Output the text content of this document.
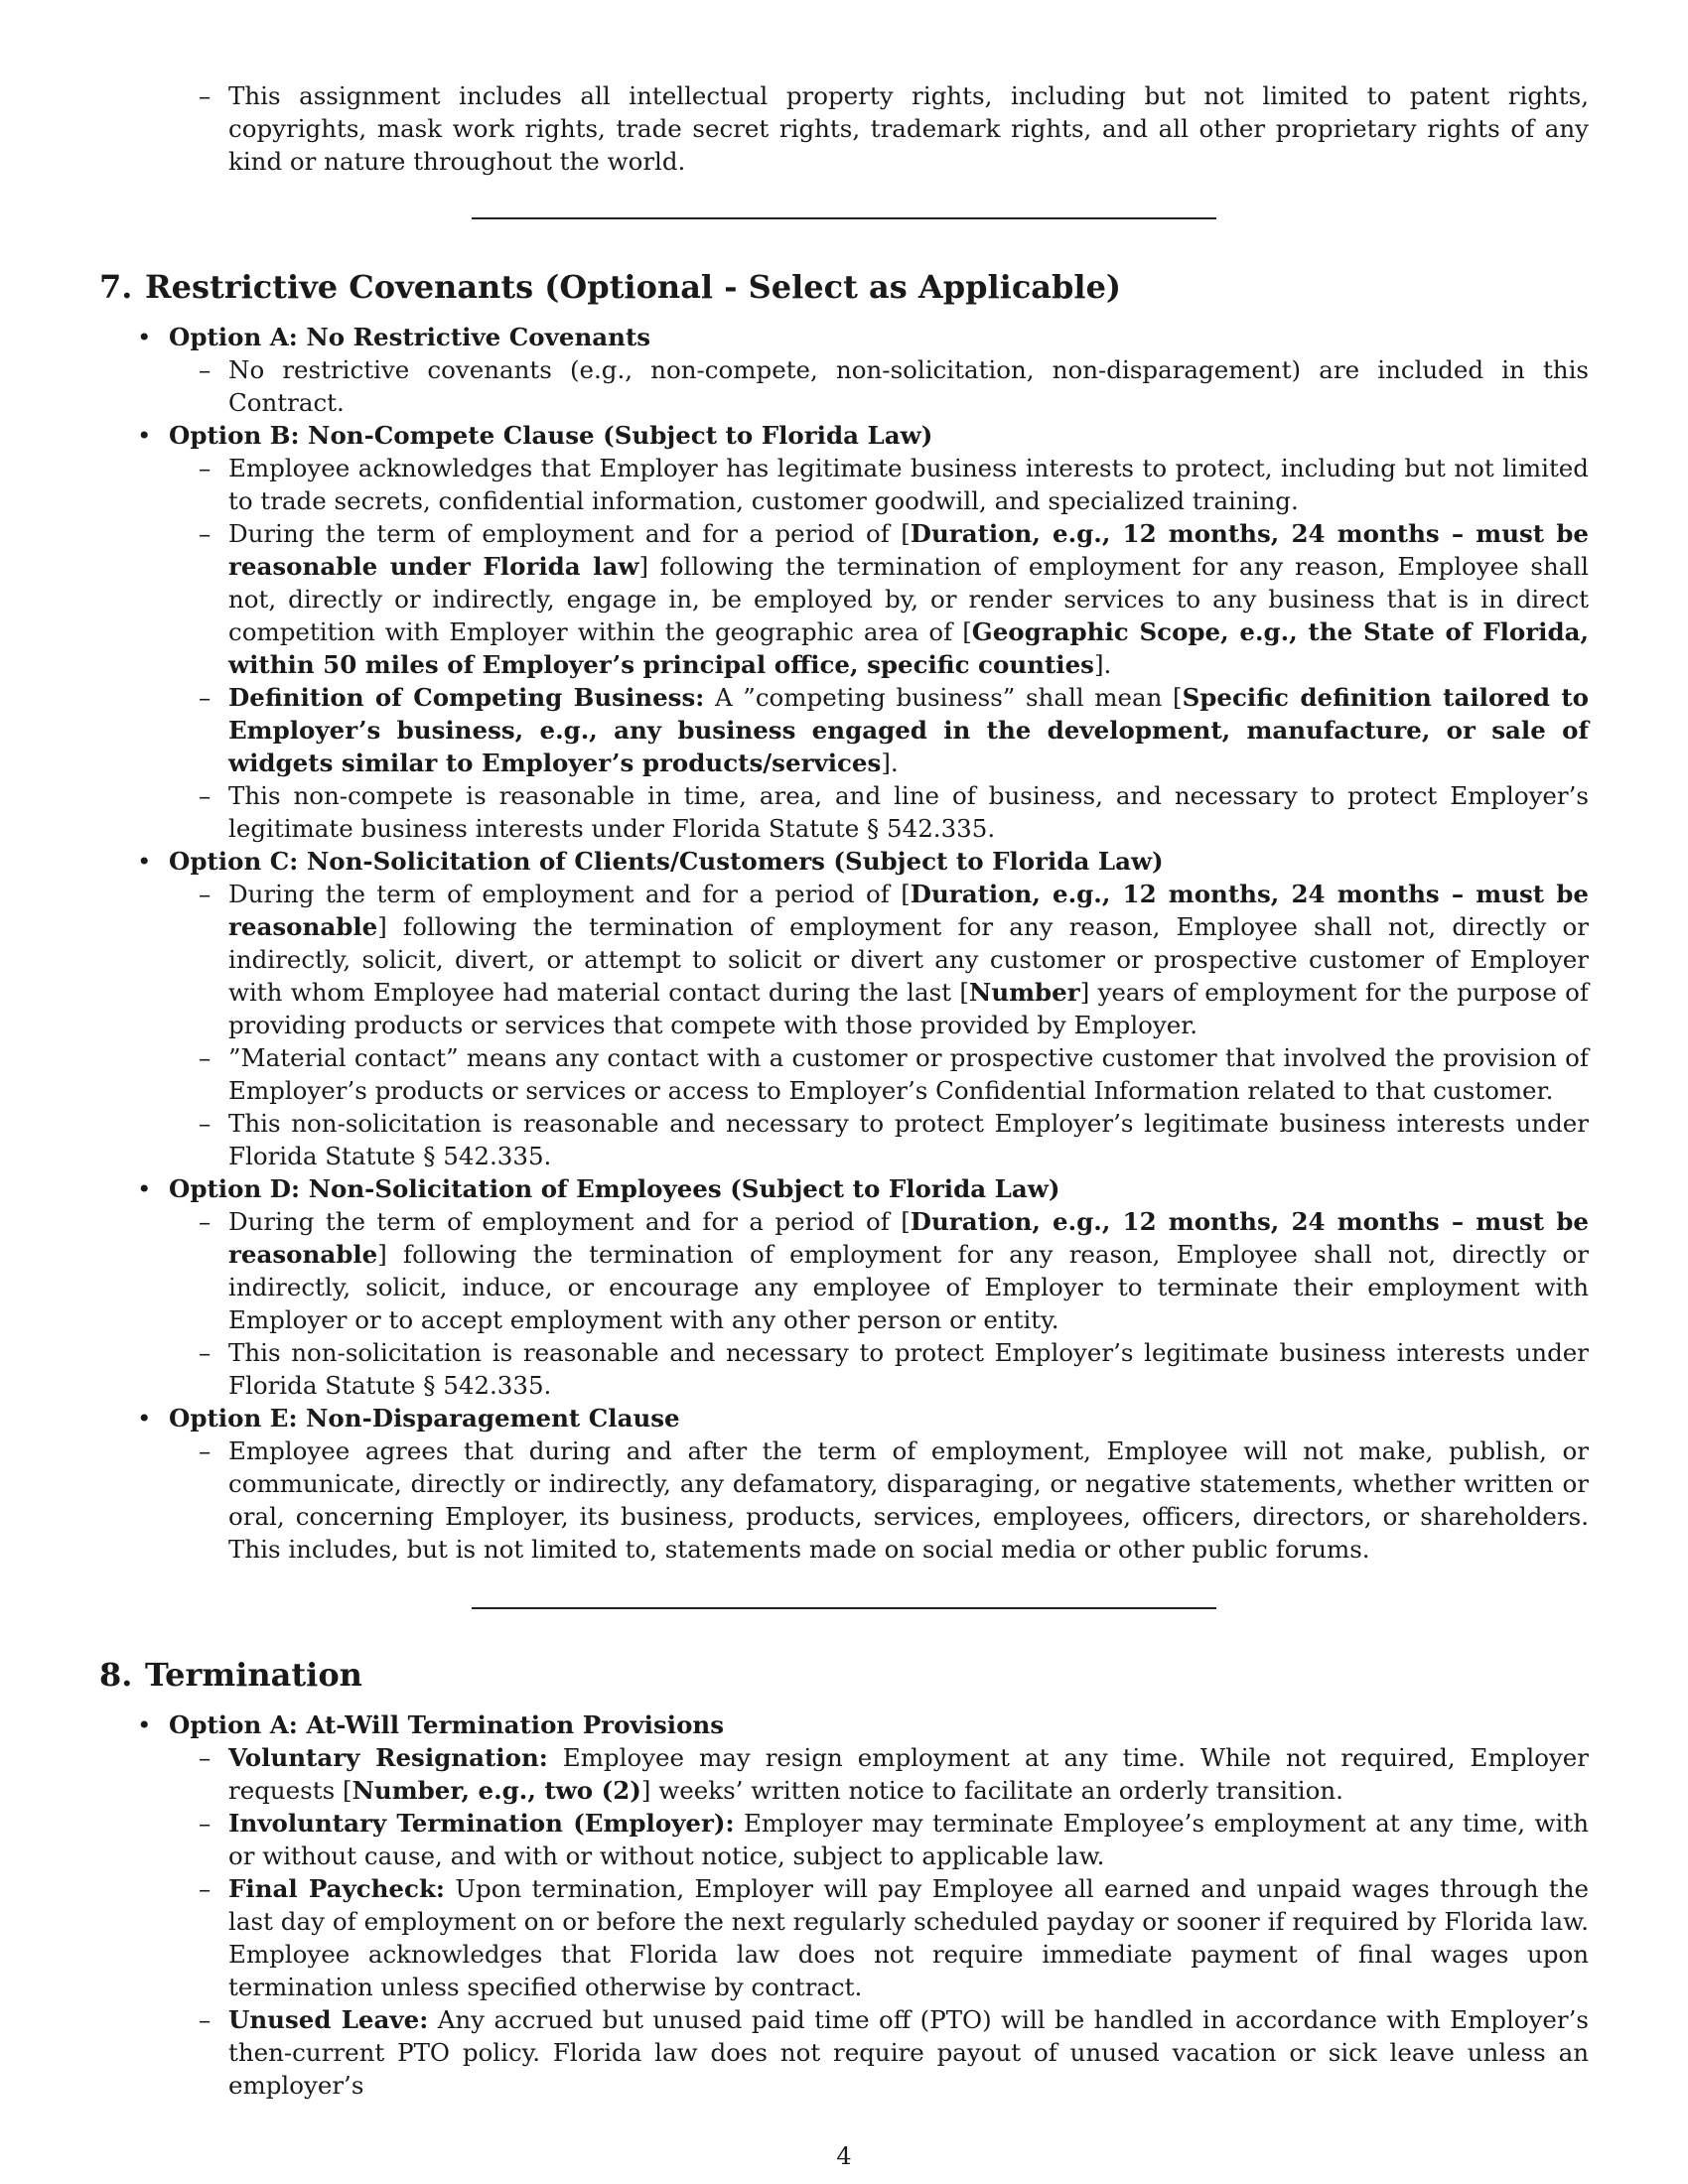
– This assignment includes all intellectual property rights, including but not limited to patent rights, copyrights, mask work rights, trade secret rights, trademark rights, and all other proprietary rights of any kind or nature throughout the world.
7. Restrictive Covenants (Optional - Select as Applicable)
• Option A: No Restrictive Covenants
– No restrictive covenants (e.g., non-compete, non-solicitation, non-disparagement) are included in this Contract.
• Option B: Non-Compete Clause (Subject to Florida Law)
– Employee acknowledges that Employer has legitimate business interests to protect, including but not limited to trade secrets, confidential information, customer goodwill, and specialized training.
– During the term of employment and for a period of [Duration, e.g., 12 months, 24 months – must be reasonable under Florida law] following the termination of employment for any reason, Employee shall not, directly or indirectly, engage in, be employed by, or render services to any business that is in direct competition with Employer within the geographic area of [Geographic Scope, e.g., the State of Florida, within 50 miles of Employer’s principal office, specific counties].
– Definition of Competing Business: A ”competing business” shall mean [Specific definition tailored to Employer’s business, e.g., any business engaged in the development, manufacture, or sale of widgets similar to Employer’s products/services].
– This non-compete is reasonable in time, area, and line of business, and necessary to protect Employer’s legitimate business interests under Florida Statute § 542.335.
• Option C: Non-Solicitation of Clients/Customers (Subject to Florida Law)
– During the term of employment and for a period of [Duration, e.g., 12 months, 24 months – must be reasonable] following the termination of employment for any reason, Employee shall not, directly or indirectly, solicit, divert, or attempt to solicit or divert any customer or prospective customer of Employer with whom Employee had material contact during the last [Number] years of employment for the purpose of providing products or services that compete with those provided by Employer.
– ”Material contact” means any contact with a customer or prospective customer that involved the provision of Employer’s products or services or access to Employer’s Confidential Information related to that customer.
– This non-solicitation is reasonable and necessary to protect Employer’s legitimate business interests under Florida Statute § 542.335.
• Option D: Non-Solicitation of Employees (Subject to Florida Law)
– During the term of employment and for a period of [Duration, e.g., 12 months, 24 months – must be reasonable] following the termination of employment for any reason, Employee shall not, directly or indirectly, solicit, induce, or encourage any employee of Employer to terminate their employment with Employer or to accept employment with any other person or entity.
– This non-solicitation is reasonable and necessary to protect Employer’s legitimate business interests under Florida Statute § 542.335.
• Option E: Non-Disparagement Clause
– Employee agrees that during and after the term of employment, Employee will not make, publish, or communicate, directly or indirectly, any defamatory, disparaging, or negative statements, whether written or oral, concerning Employer, its business, products, services, employees, officers, directors, or shareholders. This includes, but is not limited to, statements made on social media or other public forums.
8. Termination
• Option A: At-Will Termination Provisions
– Voluntary Resignation: Employee may resign employment at any time. While not required, Employer requests [Number, e.g., two (2)] weeks’ written notice to facilitate an orderly transition.
– Involuntary Termination (Employer): Employer may terminate Employee’s employment at any time, with or without cause, and with or without notice, subject to applicable law.
– Final Paycheck: Upon termination, Employer will pay Employee all earned and unpaid wages through the last day of employment on or before the next regularly scheduled payday or sooner if required by Florida law. Employee acknowledges that Florida law does not require immediate payment of final wages upon termination unless specified otherwise by contract.
– Unused Leave: Any accrued but unused paid time off (PTO) will be handled in accordance with Employer’s then-current PTO policy. Florida law does not require payout of unused vacation or sick leave unless an employer’s
4
